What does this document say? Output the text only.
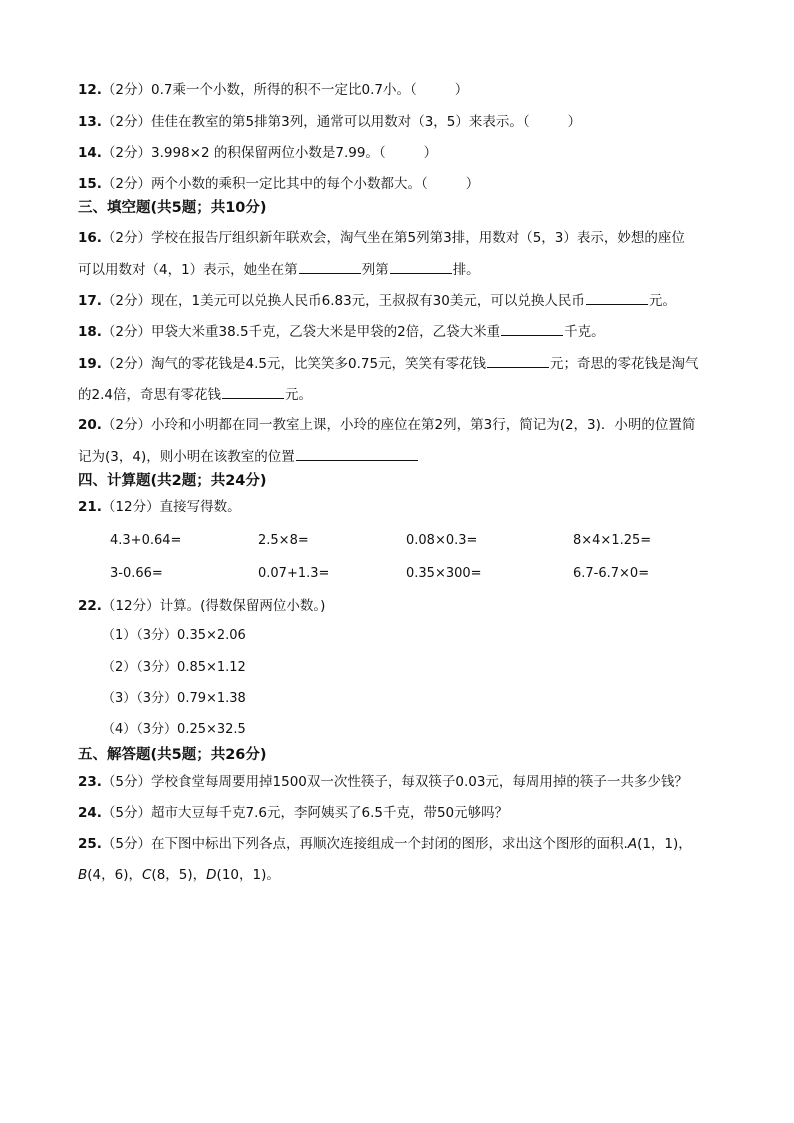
12.（2分）0.7乘一个小数，所得的积不一定比0.7小。（	）
13.（2分）佳佳在教室的第5排第3列，通常可以用数对（3，5）来表示。（	）
14.（2分）3.998×2 的积保留两位小数是7.99。（	）
15.（2分）两个小数的乘积一定比其中的每个小数都大。（	）
三、填空题(共5题；共10分)
16.（2分）学校在报告厅组织新年联欢会，淘气坐在第5列第3排，用数对（5，3）表示，妙想的座位
可以用数对（4，1）表示，她坐在第	列第	排。
17.（2分）现在，1美元可以兑换人民币6.83元，王叔叔有30美元，可以兑换人民币	元。
18.（2分）甲袋大米重38.5千克，乙袋大米是甲袋的2倍，乙袋大米重	千克。
19.（2分）淘气的零花钱是4.5元，比笑笑多0.75元，笑笑有零花钱	元；奇思的零花钱是淘气
的2.4倍，奇思有零花钱	元。
20.（2分）小玲和小明都在同一教室上课，小玲的座位在第2列，第3行，简记为(2，3)．小明的位置简
记为(3，4)，则小明在该教室的位置
四、计算题(共2题；共24分)
21.（12分）直接写得数。
4.3+0.64=	2.5×8=	0.08×0.3=	8×4×1.25=
3-0.66=	0.07+1.3=	0.35×300=	6.7-6.7×0=
22.（12分）计算。(得数保留两位小数。)
（1）（3分）0.35×2.06
（2）（3分）0.85×1.12
（3）（3分）0.79×1.38
（4）（3分）0.25×32.5
五、解答题(共5题；共26分)
23.（5分）学校食堂每周要用掉1500双一次性筷子，每双筷子0.03元，每周用掉的筷子一共多少钱？
24.（5分）超市大豆每千克7.6元，李阿姨买了6.5千克，带50元够吗？
25.（5分）在下图中标出下列各点，再顺次连接组成一个封闭的图形，求出这个图形的面积.A(1，1)，
B(4，6)，C(8，5)，D(10，1)。
